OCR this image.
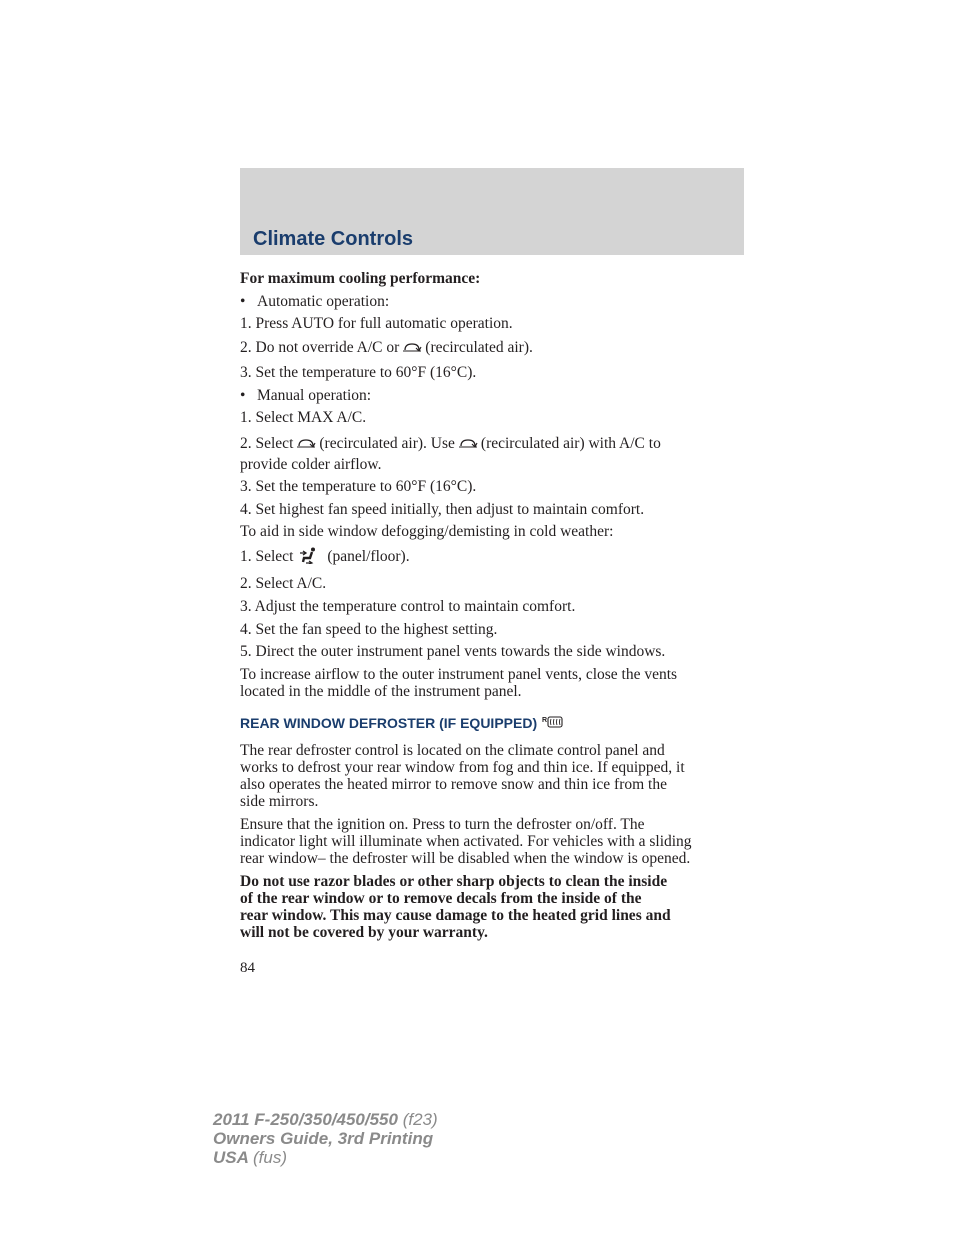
Climate Controls
For maximum cooling performance:
• Automatic operation:
1. Press AUTO for full automatic operation.
2. Do not override A/C or (recirculated air).
3. Set the temperature to 60°F (16°C).
• Manual operation:
1. Select MAX A/C.
2. Select (recirculated air). Use (recirculated air) with A/C to
provide colder airflow.
3. Set the temperature to 60°F (16°C).
4. Set highest fan speed initially, then adjust to maintain comfort.
To aid in side window defogging/demisting in cold weather:
1. Select (panel/floor).
2. Select A/C.
3. Adjust the temperature control to maintain comfort.
4. Set the fan speed to the highest setting.
5. Direct the outer instrument panel vents towards the side windows.
To increase airflow to the outer instrument panel vents, close the vents
located in the middle of the instrument panel.
REAR WINDOW DEFROSTER (IF EQUIPPED) R
The rear defroster control is located on the climate control panel and
works to defrost your rear window from fog and thin ice. If equipped, it
also operates the heated mirror to remove snow and thin ice from the
side mirrors.
Ensure that the ignition on. Press to turn the defroster on/off. The
indicator light will illuminate when activated. For vehicles with a sliding
rear window– the defroster will be disabled when the window is opened.
Do not use razor blades or other sharp objects to clean the inside
of the rear window or to remove decals from the inside of the
rear window. This may cause damage to the heated grid lines and
will not be covered by your warranty.
84
2011 F-250/350/450/550 (f23)
Owners Guide, 3rd Printing
USA (fus)
